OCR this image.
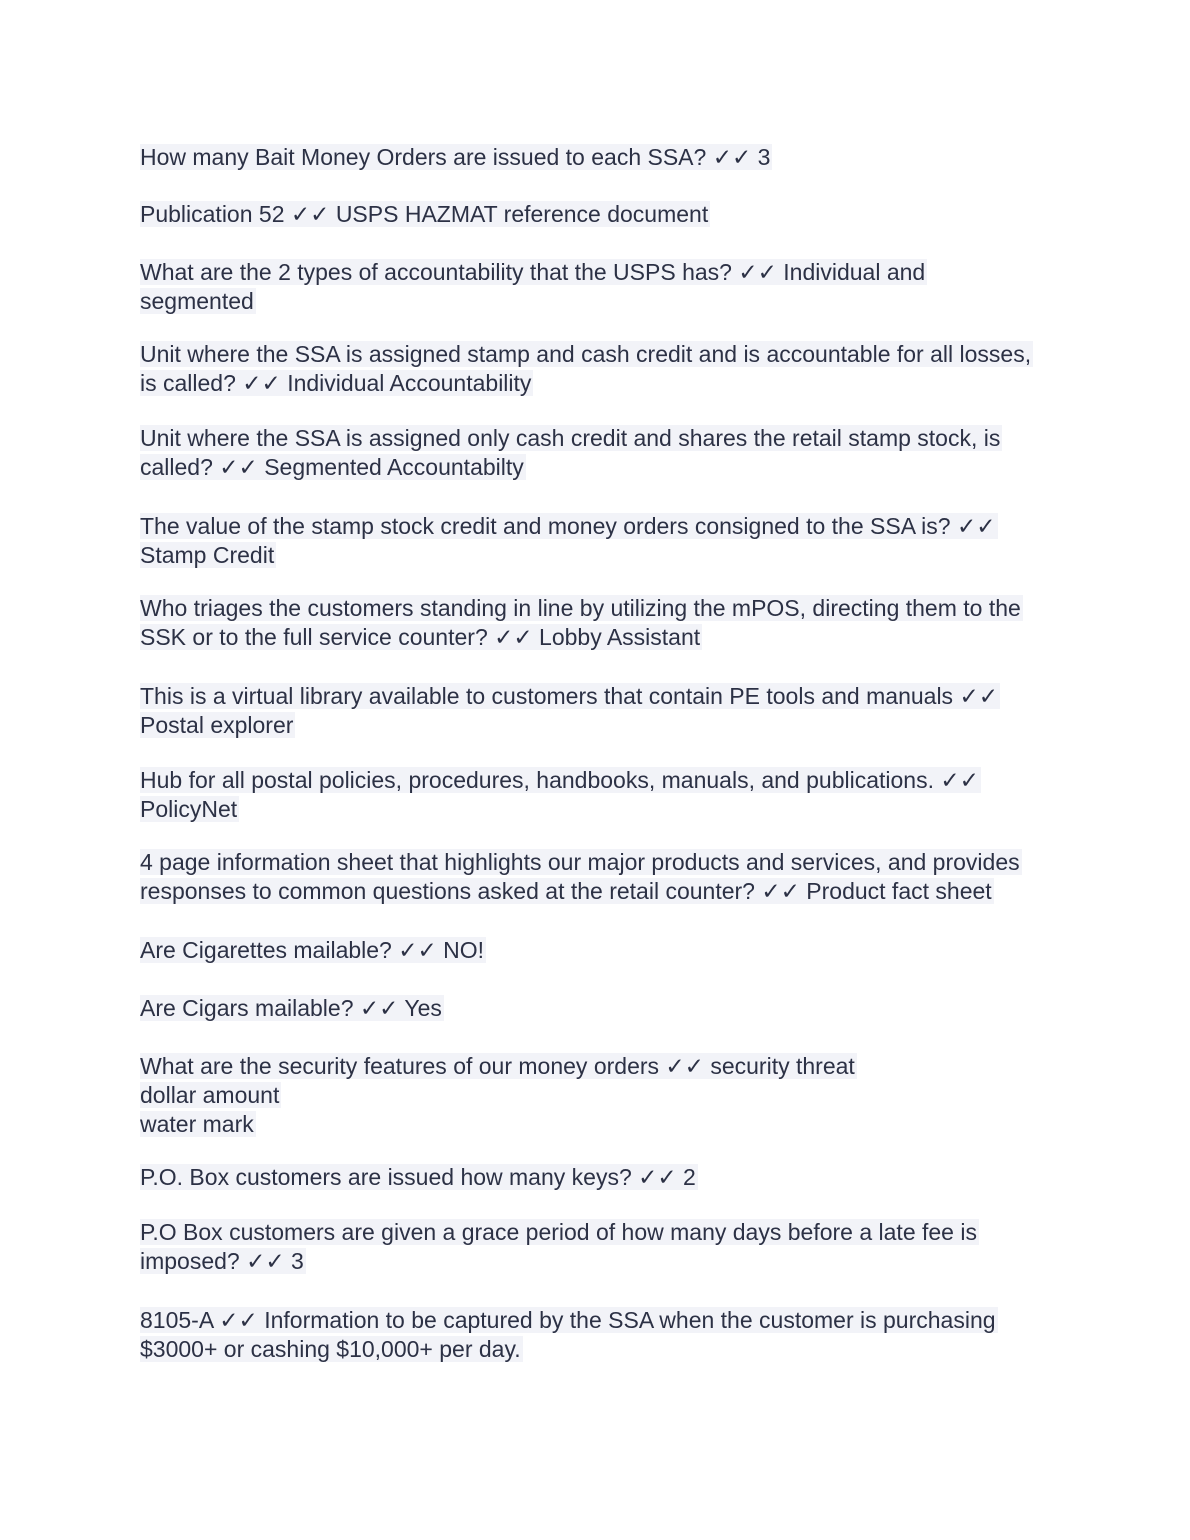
How many Bait Money Orders are issued to each SSA? ✓✓ 3

Publication 52 ✓✓ USPS HAZMAT reference document

What are the 2 types of accountability that the USPS has? ✓✓ Individual and
segmented

Unit where the SSA is assigned stamp and cash credit and is accountable for all losses,
is called? ✓✓ Individual Accountability

Unit where the SSA is assigned only cash credit and shares the retail stamp stock, is
called? ✓✓ Segmented Accountabilty

The value of the stamp stock credit and money orders consigned to the SSA is? ✓✓
Stamp Credit

Who triages the customers standing in line by utilizing the mPOS, directing them to the
SSK or to the full service counter? ✓✓ Lobby Assistant

This is a virtual library available to customers that contain PE tools and manuals ✓✓
Postal explorer

Hub for all postal policies, procedures, handbooks, manuals, and publications. ✓✓
PolicyNet

4 page information sheet that highlights our major products and services, and provides
responses to common questions asked at the retail counter? ✓✓ Product fact sheet

Are Cigarettes mailable? ✓✓ NO!

Are Cigars mailable? ✓✓ Yes

What are the security features of our money orders ✓✓ security threat
dollar amount
water mark

P.O. Box customers are issued how many keys? ✓✓ 2

P.O Box customers are given a grace period of how many days before a late fee is
imposed? ✓✓ 3

8105-A ✓✓ Information to be captured by the SSA when the customer is purchasing
$3000+ or cashing $10,000+ per day.
